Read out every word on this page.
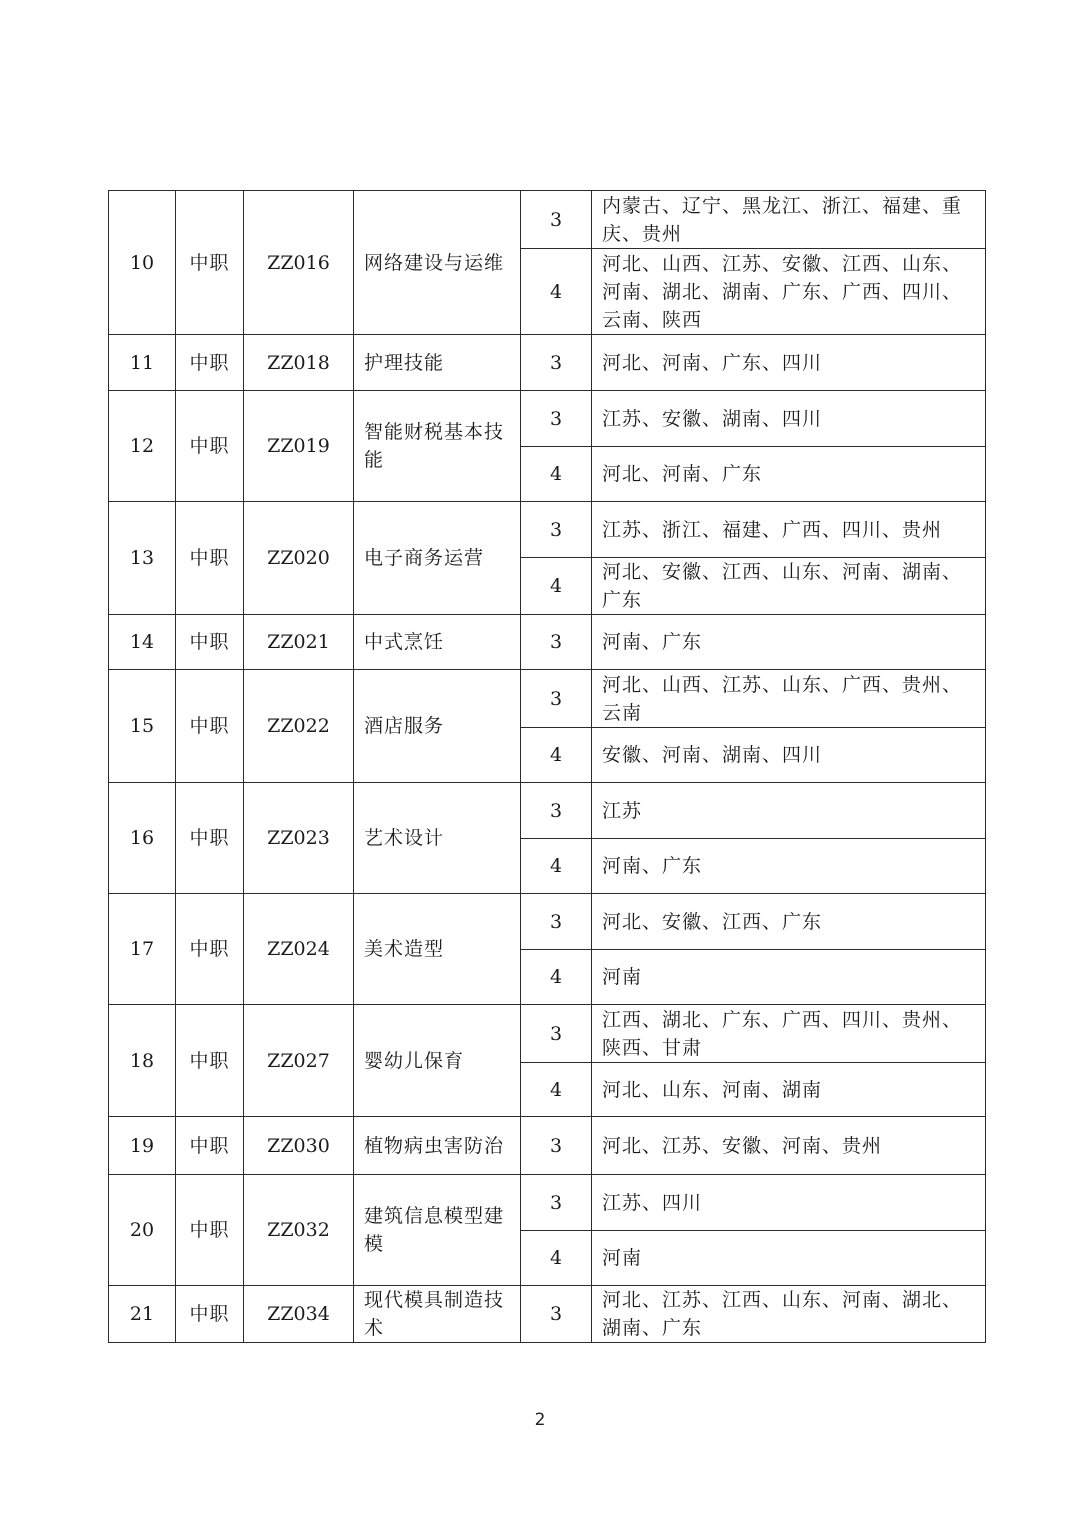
10	中职	ZZ016	网络建设与运维	3	内蒙古、辽宁、黑龙江、浙江、福建、重庆、贵州
				4	河北、山西、江苏、安徽、江西、山东、河南、湖北、湖南、广东、广西、四川、云南、陕西
11	中职	ZZ018	护理技能	3	河北、河南、广东、四川
12	中职	ZZ019	智能财税基本技能	3	江苏、安徽、湖南、四川
				4	河北、河南、广东
13	中职	ZZ020	电子商务运营	3	江苏、浙江、福建、广西、四川、贵州
				4	河北、安徽、江西、山东、河南、湖南、广东
14	中职	ZZ021	中式烹饪	3	河南、广东
15	中职	ZZ022	酒店服务	3	河北、山西、江苏、山东、广西、贵州、云南
				4	安徽、河南、湖南、四川
16	中职	ZZ023	艺术设计	3	江苏
				4	河南、广东
17	中职	ZZ024	美术造型	3	河北、安徽、江西、广东
				4	河南
18	中职	ZZ027	婴幼儿保育	3	江西、湖北、广东、广西、四川、贵州、陕西、甘肃
				4	河北、山东、河南、湖南
19	中职	ZZ030	植物病虫害防治	3	河北、江苏、安徽、河南、贵州
20	中职	ZZ032	建筑信息模型建模	3	江苏、四川
				4	河南
21	中职	ZZ034	现代模具制造技术	3	河北、江苏、江西、山东、河南、湖北、湖南、广东
2
